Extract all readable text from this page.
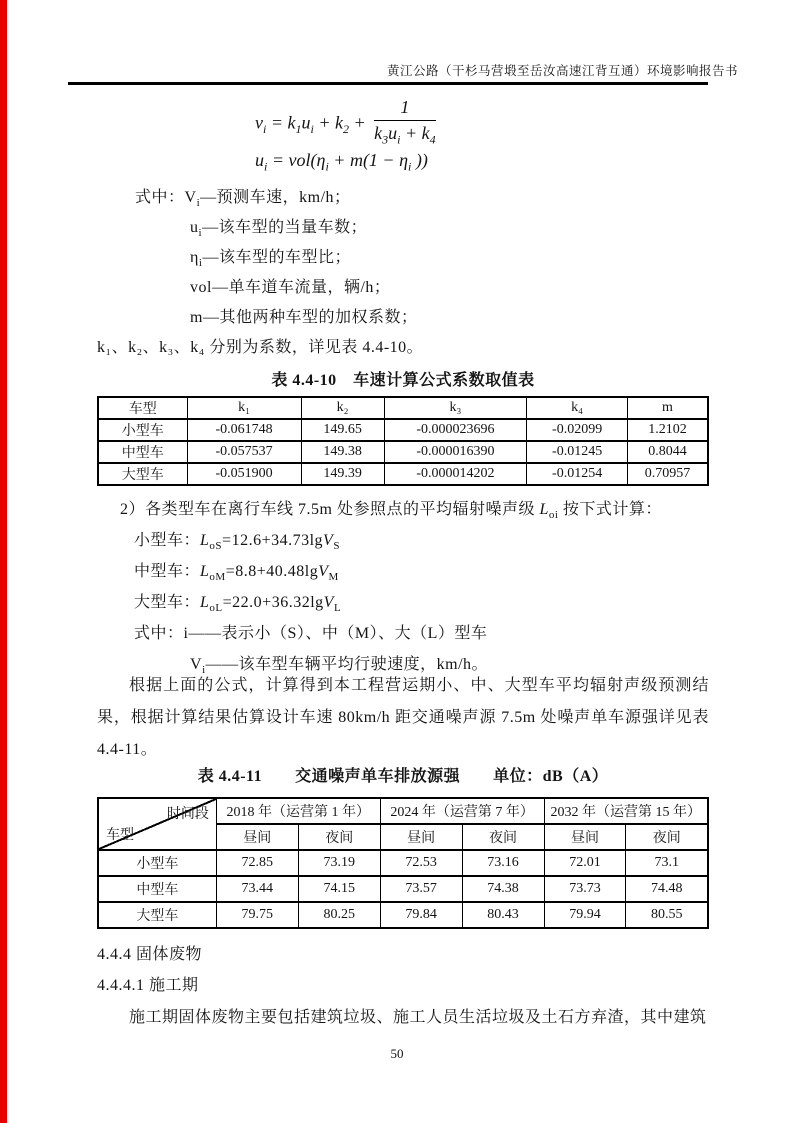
黄江公路（干杉马营塅至岳汝高速江背互通）环境影响报告书
$v_i = k_1u_i + k_2 + \frac{1}{k_3u_i + k_4}$
$u_i = vol(\eta_i + m(1 - \eta_i$ ))
式中：$V_i—$预测车速，km/h；
$u_i—$该车型的当量车数；
$\eta_i—$该车型的车型比；
vol—单车道车流量，辆/h；
m—其他两种车型的加权系数；
k₁、k₂、k₃、k₄ 分别为系数，详见表 4.4-10。
表 4.4-10　车速计算公式系数取值表
车型	k₁	k₂	k₃	k₄	m
小型车	-0.061748	149.65	-0.000023696	-0.02099	1.2102
中型车	-0.057537	149.38	-0.000016390	-0.01245	0.8044
大型车	-0.051900	149.39	-0.000014202	-0.01254	0.70957
2）各类型车在离行车线 7.5m 处参照点的平均辐射噪声级 $L_{oi}$ 按下式计算：
小型车：$L_{oS}=12.6+34.73\lg V_S$
中型车：$L_{oM}=8.8+40.48\lg V_M$
大型车：$L_{oL}=22.0+36.32\lg V_L$
式中：i——表示小（S）、中（M）、大（L）型车
$V_i——$该车型车辆平均行驶速度，km/h。
根据上面的公式，计算得到本工程营运期小、中、大型车平均辐射声级预测结果，根据计算结果估算设计车速 80km/h 距交通噪声源 7.5m 处噪声单车源强详见表 4.4-11。
表 4.4-11　　交通噪声单车排放源强　　单位：dB（A）
时间段
车型	2018 年（运营第 1 年）		2024 年（运营第 7 年）		2032 年（运营第 15 年）	
	昼间	夜间	昼间	夜间	昼间	夜间
小型车	72.85	73.19	72.53	73.16	72.01	73.1
中型车	73.44	74.15	73.57	74.38	73.73	74.48
大型车	79.75	80.25	79.84	80.43	79.94	80.55
4.4.4 固体废物
4.4.4.1 施工期
施工期固体废物主要包括建筑垃圾、施工人员生活垃圾及土石方弃渣，其中建筑
50
